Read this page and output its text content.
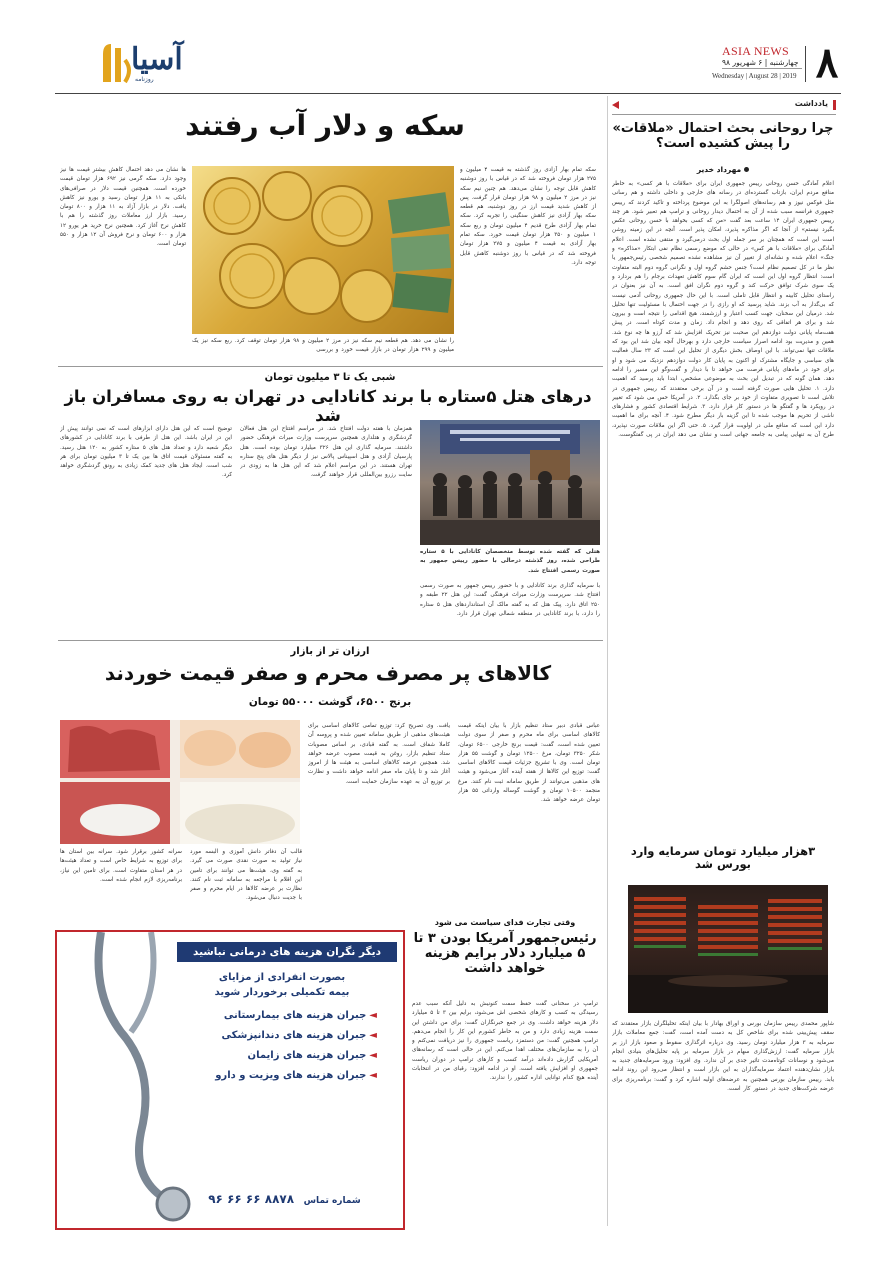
۸
ASIA NEWS
چهارشنبه | ۶ شهریور ۹۸
Wednesday | August 28 | 2019
آسیا
روزنامه
یادداشت
چرا روحانی بحث احتمال «ملاقات» را پیش کشیده است؟
مهرداد خدیر
اعلام آمادگی حسن روحانی رییس جمهوری ایران برای «ملاقات با هر کسی» به خاطر منافع مردم ایران، بازتاب گسترده‌ای در رسانه های خارجی و داخلی داشته و هم رسانی مثل فوکس نیوز و هم رسانه‌های اصولگرا به این موضوع پرداخته و تاکید کردند که رییس جمهوری فرانسه سبب شده از آن به احتمال دیدار روحانی و ترامپ هم تعبیر شود. هر چند رییس جمهوری ایران ۱۴ ساعت بعد گفت «من که کسی بخواهد با حسن روحانی عکس بگیرد نیستم» از آنجا که اگر مذاکره پذیرد، امکان پذیر است. آنچه در این زمینه روشن است این است که همچنان بر سر جمله اول بحث درمی‌گیرد و منتقی نشده است. اعلام آمادگی برای «ملاقات با هر کس» در حالی که موضع رسمی نظام نفی ابتکار «مذاکره» و جنگ» اعلام شده و نشانه‌ای از تغییر آن نیز مشاهده نشده تصمیم شخصی رئیس‌جمهور یا نظر ما در کل تصمیم نظام است؟ جنس حشم گروه اول و نگرانی گروه دوم البته متفاوت است: انتظار گروه اول این است که ایران گام سوم کاهش تعهدات برجام را هم بردارد و یک سوی شرک توافق حرکت کند و گروه دوم نگران افق است. به آن نیز بعنوان در راستای تحلیل کابینه و انتظار قابل تاملی است. با این حال جمهوری روحانی آدمی نیست که بی‌گدار به آب بزند. شاید پرسید که او رازی را در جهت احتمال با مسئولیت تنها تحلیل شد. درمیان این سخنان، جهت کسب اعتبار و ارزشمند، هیچ اقدامی را نتیجه است و بیرون شد و برای هر اتفاقی که روی دهد و انجام داد. زمان و مدت کوتاه است. در پیش هفت‌ماه پایانی دولت دوازدهم این صحبت نیز تحریک افزایش شد که آرزو ها چه نوع شد. همین و مدیریت بود ادامه اصرار سیاست خارجی دارد و بهرحال آنچه بیان شد این بود که ملاقات تنها نمی‌تواند. با این اوصاف بخش دیگری از تحلیل این است که ۲۳ سال فعالیت های سیاسی و جایگاه مشترک او اکنون به پایان کار دولت دوازدهم نزدیک می شود و او برای خود در ماه‌های پایانی فرصت می خواهد تا با دیدار و گفت‌وگو این مسیر را ادامه دهد. همان گونه که در تبدیل این بحث به موضوعی مشخص، ابتدا باید پرسید که اهمیت دارد. ۱. تحلیل هایی صورت گرفته است و در آن برخی معتقدند که رییس جمهوری در تلاش است تا تصویری متفاوت از خود بر جای بگذارد. ۲. در آمریکا حس می شود که تغییر در رویکرد ها و گفتگو ها در دستور کار قرار دارد. ۳. شرایط اقتصادی کشور و فشارهای ناشی از تحریم ها موجب شده تا این گزینه بار دیگر مطرح شود. ۴. آنچه برای ما اهمیت دارد این است که منافع ملی در اولویت قرار گیرد. ۵. حتی اگر این ملاقات صورت نپذیرد، طرح آن به تنهایی پیامی به جامعه جهانی است و نشان می دهد ایران در پی گفتگوست.
۳هزار میلیارد تومان سرمایه وارد بورس شد
شاپور محمدی رییس سازمان بورس و اوراق بهادار با بیان اینکه تحلیلگران بازار معتقدند که سقف پیش‌بینی شده برای شاخص کل به دست آمده است، گفت: جمع معاملات بازار سرمایه به ۳ هزار میلیارد تومان رسید. وی درباره اثرگذاری سقوط و صعود بازار ارز بر بازار سرمایه گفت: ارزش‌گذاری سهام در بازار سرمایه بر پایه تحلیل‌های بنیادی انجام می‌شود و نوسانات کوتاه‌مدت تاثیر جدی بر آن ندارد. وی افزود: ورود سرمایه‌های جدید به بازار نشان‌دهنده اعتماد سرمایه‌گذاران به این بازار است و انتظار می‌رود این روند ادامه یابد. رییس سازمان بورس همچنین به عرضه‌های اولیه اشاره کرد و گفت: برنامه‌ریزی برای عرضه شرکت‌های جدید در دستور کار است.
سکه و دلار آب رفتند
سکه تمام بهار آزادی روز گذشته به قیمت ۴ میلیون و ۲۷۵ هزار تومان فروخته شد که در قیاس با روز دوشنبه کاهش قابل توجه را نشان می‌دهد. هم چنین نیم سکه نیز در مرز ۲ میلیون و ۹۸ هزار تومان قرار گرفت. پس از کاهش شدید قیمت ارز در روز دوشنبه، هم قطعه سکه بهار آزادی نیز کاهش سنگینی را تجربه کرد. سکه تمام بهار آزادی طرح قدیم ۴ میلیون تومان و ربع سکه ۱ میلیون و ۳۵۰ هزار تومان قیمت خورد. سکه تمام بهار آزادی به قیمت ۴ میلیون و ۲۷۵ هزار تومان فروخته شد که در قیاس با روز دوشنبه کاهش قابل توجه دارد.
را نشان می دهد. هم قطعه نیم سکه نیز در مرز ۲ میلیون و ۹۸ هزار تومان توقف کرد. ربع سکه نیز یک میلیون و ۲۹۹ هزار تومان در بازار قیمت خورد و بررسی
ها نشان می دهد احتمال کاهش بیشتر قیمت ها نیز وجود دارد. سکه گرمی نیز ۶۹۲ هزار تومان قیمت خورده است. همچنین قیمت دلار در صرافی‌های بانکی به ۱۱ هزار تومان رسید و یورو نیز کاهش یافت. دلار در بازار آزاد به ۱۱ هزار و ۸۰۰ تومان رسید. بازار ارز معاملات روز گذشته را هم با کاهش نرخ آغاز کرد. همچنین نرخ خرید هر یورو ۱۲ هزار و ۶۰۰ تومان و نرخ فروش آن ۱۲ هزار و ۵۵۰ تومان است.
شبی یک تا ۳ میلیون تومان
درهای هتل ۵ستاره با برند کانادایی در تهران به روی مسافران باز شد
هتلی که گفته شده توسط متخصصان کانادایی با ۵ ستاره طراحی شده، روز گذشته درحالی با حضور رییس جمهور به صورت رسمی افتتاح شد.
با سرمایه گذاری برند کانادایی و با حضور رییس جمهور به صورت رسمی افتتاح شد. سرپرست وزارت میراث فرهنگی گفت: این هتل ۲۲ طبقه و ۲۵۰ اتاق دارد. پیک هتل که به گفته مالک آن استانداردهای هتل ۵ ستاره را دارد، با برند کانادایی در منطقه شمالی تهران قرار دارد.
همزمان با هفته دولت افتتاح شد. در مراسم افتتاح این هتل فعالان گردشگری و هتلداری همچنین سرپرست وزارت میراث فرهنگی حضور داشتند. سرمایه گذاری این هتل ۳۲۶ میلیارد تومان بوده است. هتل پارسیان آزادی و هتل اسپیناس پالاس نیز از دیگر هتل های پنج ستاره تهران هستند. در این مراسم اعلام شد که این هتل ها به زودی در سایت رزرو بین‌المللی قرار خواهند گرفت.
توضیح است که این هتل دارای ابزارهای است که نمی توانند پیش از این در ایران باشد. این هتل از طرفی با برند کانادایی در کشورهای دیگر شعبه دارد و تعداد هتل های ۵ ستاره کشور به ۱۲۰ هتل رسید. به گفته مسئولان قیمت اتاق ها بین یک تا ۳ میلیون تومان برای هر شب است. ایجاد هتل های جدید کمک زیادی به رونق گردشگری خواهد کرد.
ارزان تر از بازار
کالاهای پر مصرف محرم و صفر قیمت خوردند
برنج ۶۵۰۰، گوشت ۵۵۰۰۰ تومان
عباس قبادی دبیر ستاد تنظیم بازار با بیان اینکه قیمت کالاهای اساسی برای ماه محرم و صفر از سوی دولت تعیین شده است، گفت: قیمت برنج خارجی ۶۵۰۰ تومان، شکر ۳۲۵۰ تومان، مرغ ۱۲۵۰۰ تومان و گوشت ۵۵ هزار تومان است. وی با تشریح جزئیات قیمت کالاهای اساسی گفت: توزیع این کالاها از هفته آینده آغاز می‌شود و هیئت های مذهبی می‌توانند از طریق سامانه ثبت نام کنند. مرغ منجمد ۱۰۵۰۰ تومان و گوشت گوساله وارداتی ۵۵ هزار تومان عرضه خواهد شد.
یافت. وی تصریح کرد: توزیع تمامی کالاهای اساسی برای هیئت‌های مذهبی از طریق سامانه تعیین شده و پروسه آن کاملا شفاف است. به گفته قبادی، بر اساس مصوبات ستاد تنظیم بازار، روغن به قیمت مصوب عرضه خواهد شد. همچنین عرضه کالاهای اساسی به هیئت ها از امروز آغاز شد و تا پایان ماه صفر ادامه خواهد داشت و نظارت بر توزیع آن به عهده سازمان حمایت است.
قالب آن دفاتر دانش آموزی و البسه مورد نیاز تولید به صورت نقدی صورت می گیرد. به گفته وی، هیئت‌ها می توانند برای تامین این اقلام با مراجعه به سامانه ثبت نام کنند. نظارت بر عرضه کالاها در ایام محرم و صفر با جدیت دنبال می‌شود.
سرانه کشور برقرار شود. سرانه بین استان ها برای توزیع به شرایط خاص است و تعداد هیئت‌ها در هر استان متفاوت است. برای تامین این نیاز، برنامه‌ریزی لازم انجام شده است.
وقتی تجارت فدای سیاست می شود
رئیس‌جمهور آمریکا بودن ۳ تا ۵ میلیارد دلار برایم هزینه خواهد داشت
ترامپ در سخنانی گفت حفظ سمت کنونیش به دلیل آنکه سبب عدم رسیدگی به کسب و کارهای شخصی اش می‌شود، برایم بین ۳ تا ۵ میلیارد دلار هزینه خواهد داشت. وی در جمع خبرنگاران گفت: برای من داشتن این سمت هزینه زیادی دارد و من به خاطر کشورم این کار را انجام می‌دهم. ترامپ همچنین گفت: من دستمزد ریاست جمهوری را نیز دریافت نمی‌کنم و آن را به سازمان‌های مختلف اهدا می‌کنم. این در حالی است که رسانه‌های آمریکایی گزارش داده‌اند درآمد کسب و کارهای ترامپ در دوران ریاست جمهوری او افزایش یافته است. او در ادامه افزود: رقبای من در انتخابات آینده هیچ کدام توانایی اداره کشور را ندارند.
دیگر نگران هزینه های درمانی نباشید
بصورت انفرادی از مزایای بیمه تکمیلی برخوردار شوید
◄جبران هزینه های بیمارستانی
◄جبران هزینه های دندانپزشکی
◄جبران هزینه های زایمان
◄جبران هزینه های ویزیت و دارو
شماره تماس ۸۸۷۸ ۶۶ ۶۶ ۹۶
